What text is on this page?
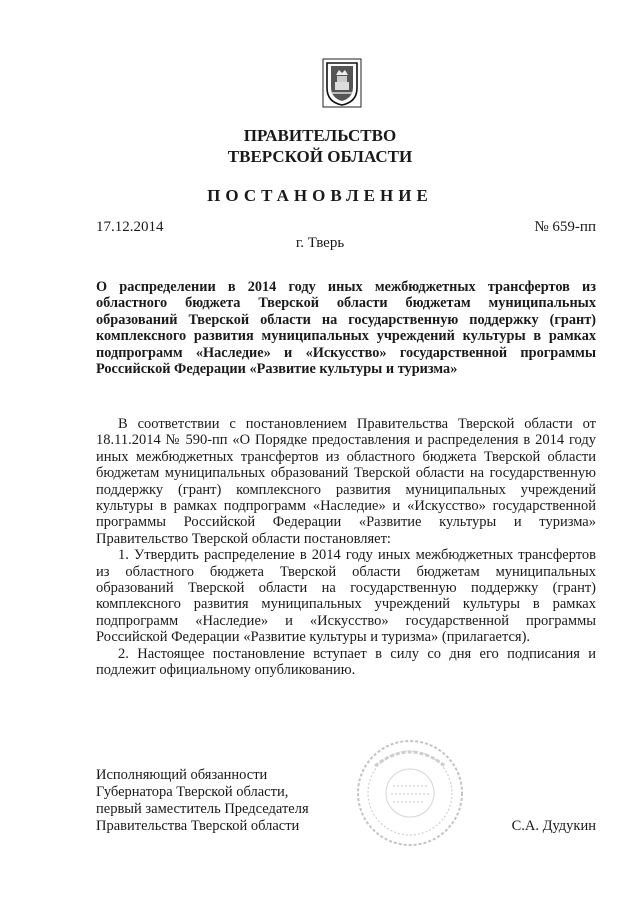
ПРАВИТЕЛЬСТВО
ТВЕРСКОЙ ОБЛАСТИ
ПОСТАНОВЛЕНИЕ
17.12.2014	№ 659-пп
г. Тверь
О распределении в 2014 году иных межбюджетных трансфертов из областного бюджета Тверской области бюджетам муниципальных образований Тверской области на государственную поддержку (грант) комплексного развития муниципальных учреждений культуры в рамках подпрограмм «Наследие» и «Искусство» государственной программы Российской Федерации «Развитие культуры и туризма»

В соответствии с постановлением Правительства Тверской области от 18.11.2014 № 590-пп «О Порядке предоставления и распределения в 2014 году иных межбюджетных трансфертов из областного бюджета Тверской области бюджетам муниципальных образований Тверской области на государственную поддержку (грант) комплексного развития муниципальных учреждений культуры в рамках подпрограмм «Наследие» и «Искусство» государственной программы Российской Федерации «Развитие культуры и туризма» Правительство Тверской области постановляет:

1. Утвердить распределение в 2014 году иных межбюджетных трансфертов из областного бюджета Тверской области бюджетам муниципальных образований Тверской области на государственную поддержку (грант) комплексного развития муниципальных учреждений культуры в рамках подпрограмм «Наследие» и «Искусство» государственной программы Российской Федерации «Развитие культуры и туризма» (прилагается).

2. Настоящее постановление вступает в силу со дня его подписания и подлежит официальному опубликованию.

Исполняющий обязанности
Губернатора Тверской области,
первый заместитель Председателя
Правительства Тверской области	С.А. Дудукин
